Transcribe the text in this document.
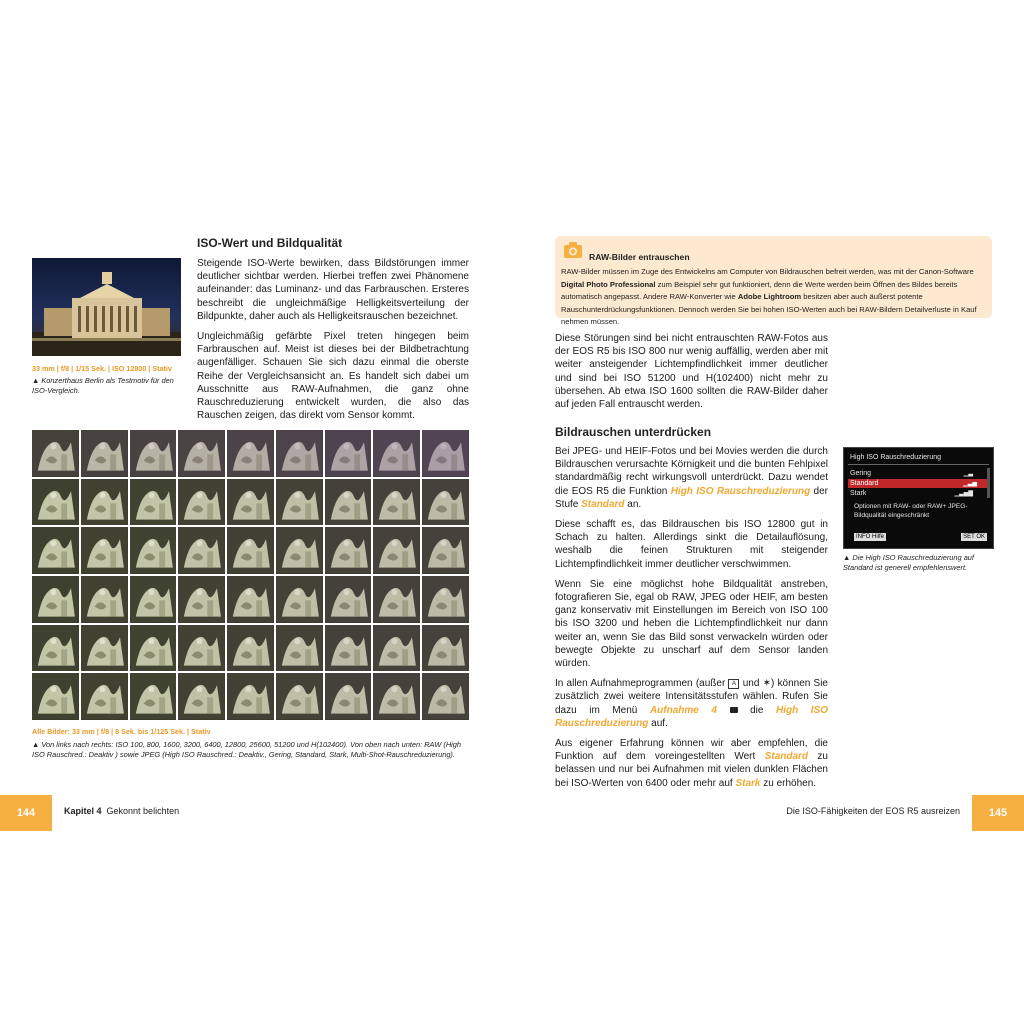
ISO-Wert und Bildqualität

Steigende ISO-Werte bewirken, dass Bildstörungen immer deutlicher sichtbar werden. Hierbei treffen zwei Phänomene aufeinander: das Luminanz- und das Farbrauschen. Ersteres beschreibt die ungleichmäßige Helligkeitsverteilung der Bildpunkte, daher auch als Helligkeitsrauschen bezeichnet.

Ungleichmäßig gefärbte Pixel treten hingegen beim Farbrauschen auf. Meist ist dieses bei der Bildbetrachtung augenfälliger. Schauen Sie sich dazu einmal die oberste Reihe der Vergleichsansicht an. Es handelt sich dabei um Ausschnitte aus RAW-Aufnahmen, die ganz ohne Rauschreduzierung entwickelt wurden, die also das Rauschen zeigen, das direkt vom Sensor kommt.

33 mm | f/8 | 1/15 Sek. | ISO 12800 | Stativ
▲ Konzerthaus Berlin als Testmotiv für den ISO-Vergleich.
Alle Bilder: 33 mm | f/8 | 8 Sek. bis 1/125 Sek. | Stativ
▲ Von links nach rechts: ISO 100, 800, 1600, 3200, 6400, 12800, 25600, 51200 und H(102400). Von oben nach unten: RAW (High ISO Rauschred.: Deaktiv ) sowie JPEG (High ISO Rauschred.: Deaktiv., Gering, Standard, Stark, Multi-Shot-Rauschreduzierung).
RAW-Bilder entrauschen
RAW-Bilder müssen im Zuge des Entwickelns am Computer von Bildrauschen befreit werden, was mit der Canon-Software Digital Photo Professional zum Beispiel sehr gut funktioniert, denn die Werte werden beim Öffnen des Bildes bereits automatisch angepasst. Andere RAW-Konverter wie Adobe Lightroom besitzen aber auch äußerst potente Rauschunterdrückungsfunktionen. Dennoch werden Sie bei hohen ISO-Werten auch bei RAW-Bildern Detailverluste in Kauf nehmen müssen.

Diese Störungen sind bei nicht entrauschten RAW-Fotos aus der EOS R5 bis ISO 800 nur wenig auffällig, werden aber mit weiter ansteigender Lichtempfindlichkeit immer deutlicher und sind bei ISO 51200 und H(102400) nicht mehr zu übersehen. Ab etwa ISO 1600 sollten die RAW-Bilder daher auf jeden Fall entrauscht werden.

Bildrauschen unterdrücken

Bei JPEG- und HEIF-Fotos und bei Movies werden die durch Bildrauschen verursachte Körnigkeit und die bunten Fehlpixel standardmäßig recht wirkungsvoll unterdrückt. Dazu wendet die EOS R5 die Funktion High ISO Rauschreduzierung der Stufe Standard an.

Diese schafft es, das Bildrauschen bis ISO 12800 gut in Schach zu halten. Allerdings sinkt die Detailauflösung, weshalb die feinen Strukturen mit steigender Lichtempfindlichkeit immer deutlicher verschwimmen.

Wenn Sie eine möglichst hohe Bildqualität anstreben, fotografieren Sie, egal ob RAW, JPEG oder HEIF, am besten ganz konservativ mit Einstellungen im Bereich von ISO 100 bis ISO 3200 und heben die Lichtempfindlichkeit nur dann weiter an, wenn Sie das Bild sonst verwackeln würden oder bewegte Objekte zu unscharf auf dem Sensor landen würden.

In allen Aufnahmeprogrammen (außer A und ✶) können Sie zusätzlich zwei weitere Intensitätsstufen wählen. Rufen Sie dazu im Menü Aufnahme 4  die High ISO Rauschreduzierung auf.

Aus eigener Erfahrung können wir aber empfehlen, die Funktion auf dem voreingestellten Wert Standard zu belassen und nur bei Aufnahmen mit vielen dunklen Flächen bei ISO-Werten von 6400 oder mehr auf Stark zu erhöhen.

High ISO Rauschreduzierung
Gering	▁▃
Standard	▁▃▅
Stark	▁▃▅▇
Optionen mit RAW- oder RAW+ JPEG-Bildqualität eingeschränkt
INFO Hilfe	SET OK
▲ Die High ISO Rauschreduzierung auf Standard ist generell empfehlenswert.
144	Kapitel 4 Gekonnt belichten	Die ISO-Fähigkeiten der EOS R5 ausreizen	145
